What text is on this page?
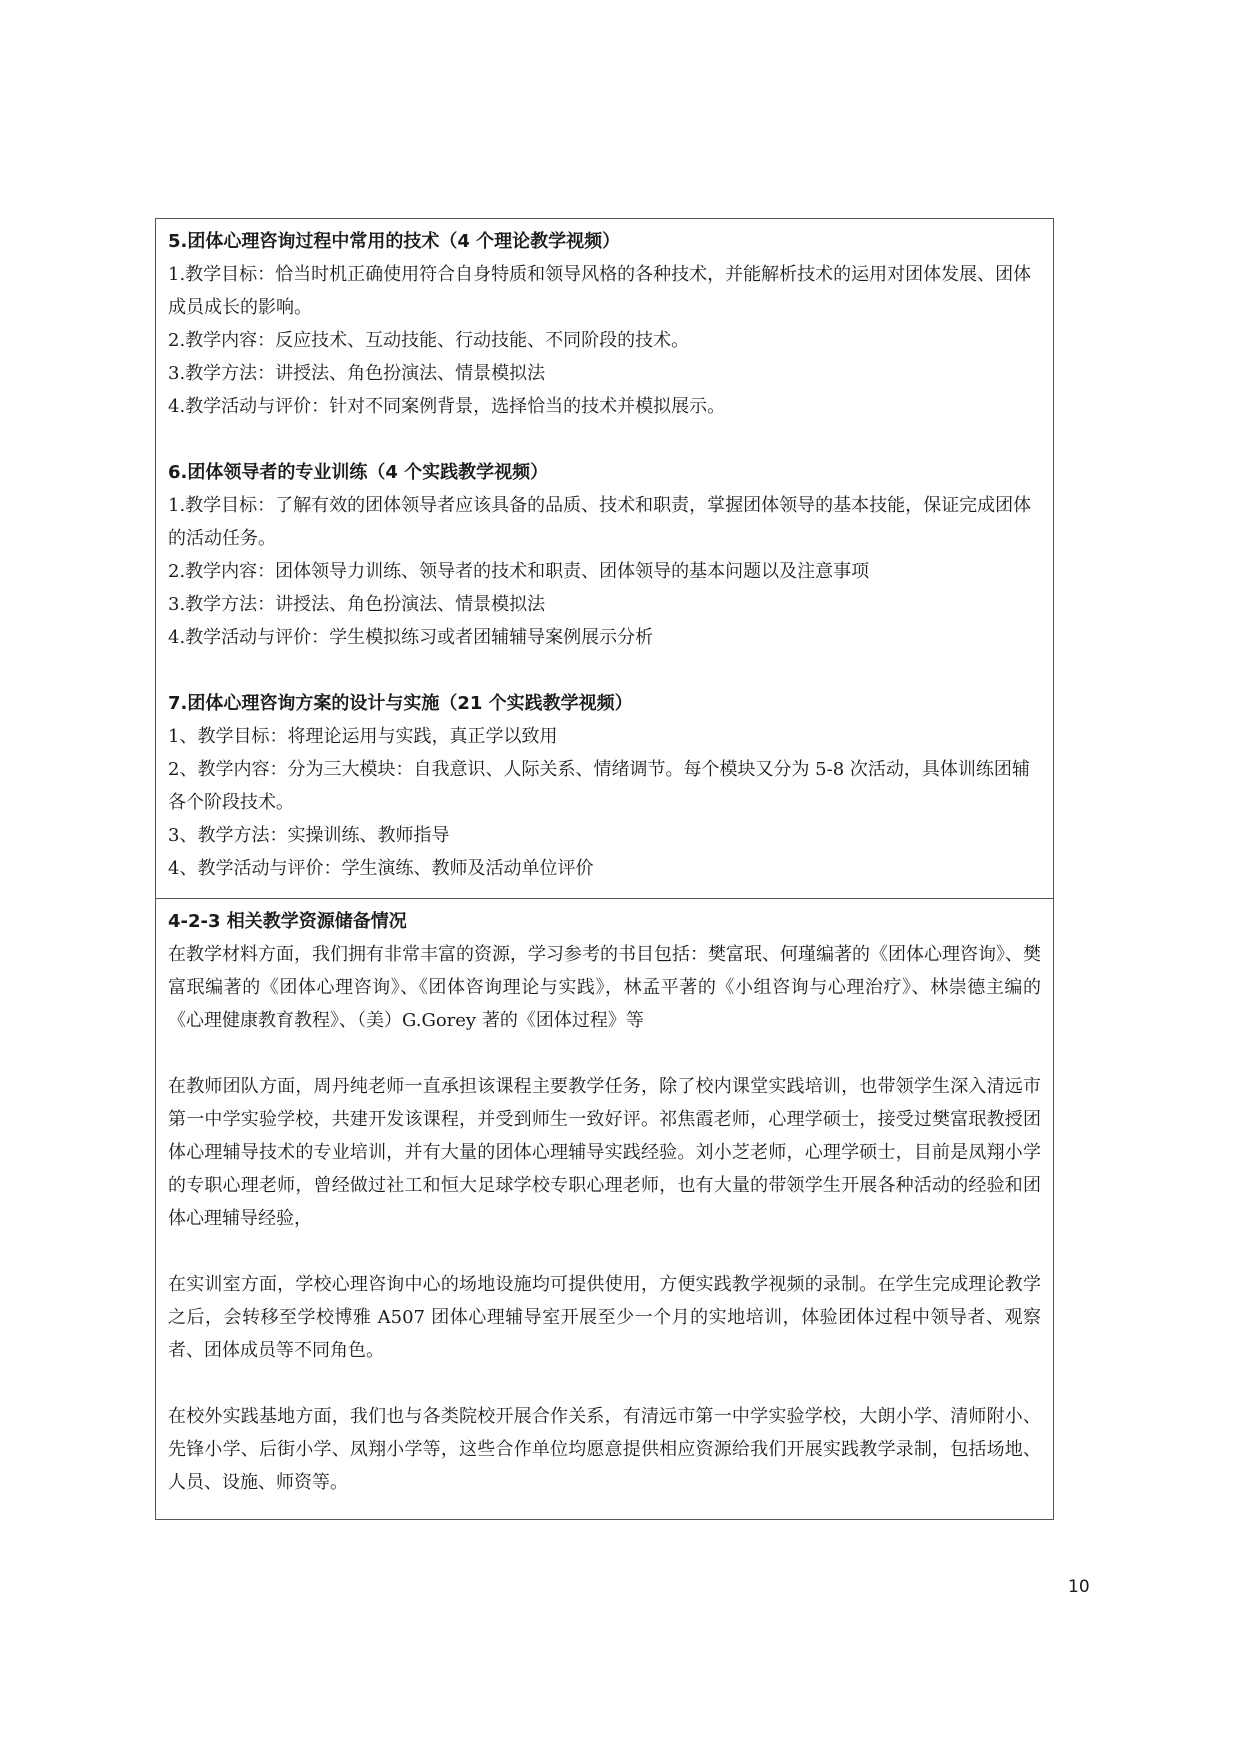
5.团体心理咨询过程中常用的技术（4 个理论教学视频）
1.教学目标：恰当时机正确使用符合自身特质和领导风格的各种技术，并能解析技术的运用对团体发展、团体成员成长的影响。
2.教学内容：反应技术、互动技能、行动技能、不同阶段的技术。
3.教学方法：讲授法、角色扮演法、情景模拟法
4.教学活动与评价：针对不同案例背景，选择恰当的技术并模拟展示。
6.团体领导者的专业训练（4 个实践教学视频）
1.教学目标：了解有效的团体领导者应该具备的品质、技术和职责，掌握团体领导的基本技能，保证完成团体的活动任务。
2.教学内容：团体领导力训练、领导者的技术和职责、团体领导的基本问题以及注意事项
3.教学方法：讲授法、角色扮演法、情景模拟法
4.教学活动与评价：学生模拟练习或者团辅辅导案例展示分析
7.团体心理咨询方案的设计与实施（21 个实践教学视频）
1、教学目标：将理论运用与实践，真正学以致用
2、教学内容：分为三大模块：自我意识、人际关系、情绪调节。每个模块又分为 5-8 次活动，具体训练团辅各个阶段技术。
3、教学方法：实操训练、教师指导
4、教学活动与评价：学生演练、教师及活动单位评价
4-2-3 相关教学资源储备情况

在教学材料方面，我们拥有非常丰富的资源，学习参考的书目包括：樊富珉、何瑾编著的《团体心理咨询》、樊富珉编著的《团体心理咨询》、《团体咨询理论与实践》，林孟平著的《小组咨询与心理治疗》、林崇德主编的《心理健康教育教程》、（美）G.Gorey 著的《团体过程》等

在教师团队方面，周丹纯老师一直承担该课程主要教学任务，除了校内课堂实践培训，也带领学生深入清远市第一中学实验学校，共建开发该课程，并受到师生一致好评。祁焦霞老师，心理学硕士，接受过樊富珉教授团体心理辅导技术的专业培训，并有大量的团体心理辅导实践经验。刘小芝老师，心理学硕士，目前是凤翔小学的专职心理老师，曾经做过社工和恒大足球学校专职心理老师，也有大量的带领学生开展各种活动的经验和团体心理辅导经验，

在实训室方面，学校心理咨询中心的场地设施均可提供使用，方便实践教学视频的录制。在学生完成理论教学之后，会转移至学校博雅 A507 团体心理辅导室开展至少一个月的实地培训，体验团体过程中领导者、观察者、团体成员等不同角色。

在校外实践基地方面，我们也与各类院校开展合作关系，有清远市第一中学实验学校，大朗小学、清师附小、先锋小学、后街小学、凤翔小学等，这些合作单位均愿意提供相应资源给我们开展实践教学录制，包括场地、人员、设施、师资等。

10
